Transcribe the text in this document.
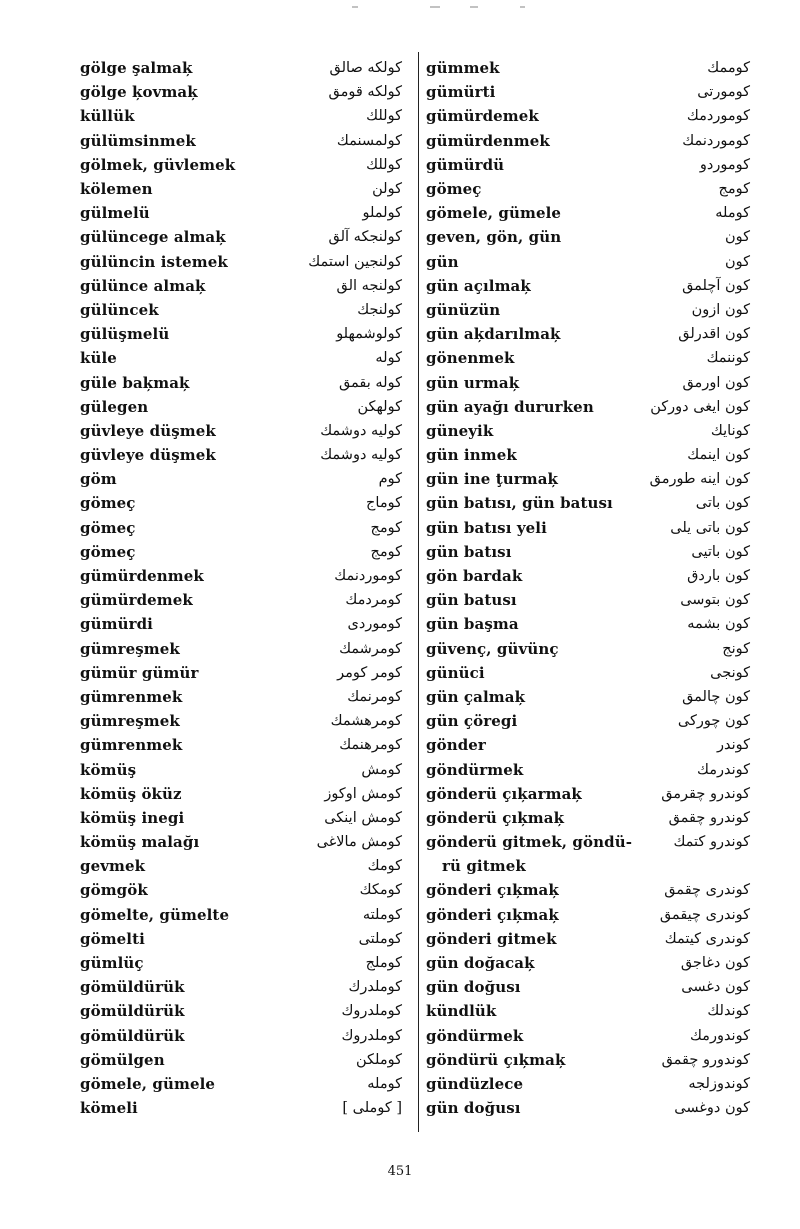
gölge şalmaķ	كولكه صالق
gölge ķovmaķ	كولكه قومق
küllük	كوللك
gülümsinmek	كولمسنمك
gölmek, güvlemek	كوللك
kölemen	كولن
gülmelü	كولملو
gülüncege almaķ	كولنجكه آلق
gülüncin istemek	كولنجين استمك
gülünce almaķ	كولنجه الق
gülüncek	كولنجك
gülüşmelü	كولوشمهلو
küle	كوله
güle baķmaķ	كوله بقمق
gülegen	كولهكن
güvleye düşmek	كوليه دوشمك
güvleye düşmek	كوليه دوشمك
göm	كوم
gömeç	كوماج
gömeç	كومج
gömeç	كومج
gümürdenmek	كوموردنمك
gümürdemek	كومردمك
gümürdi	كوموردى
gümreşmek	كومرشمك
gümür gümür	كومر كومر
gümrenmek	كومرنمك
gümreşmek	كومرهشمك
gümrenmek	كومرهنمك
kömüş	كومش
kömüş öküz	كومش اوكوز
kömüş inegi	كومش اينكى
kömüş malağı	كومش مالاغى
gevmek	كومك
gömgök	كومكك
gömelte, gümelte	كوملته
gömelti	كوملتى
gümlüç	كوملج
gömüldürük	كوملدرك
gömüldürük	كوملدروك
gömüldürük	كوملدروك
gömülgen	كوملكن
gömele, gümele	كومله
kömeli	[ كوملى ]
gümmek	كوممك
gümürti	كومورتى
gümürdemek	كوموردمك
gümürdenmek	كوموردنمك
gümürdü	كوموردو
gömeç	كومج
gömele, gümele	كومله
geven, gön, gün	كون
gün	كون
gün açılmaķ	كون آچلمق
günüzün	كون ازون
gün aķdarılmaķ	كون اقدرلق
gönenmek	كوننمك
gün urmaķ	كون اورمق
gün ayağı dururken	كون ايغى دوركن
güneyik	كونايك
gün inmek	كون اينمك
gün ine ţurmaķ	كون اينه طورمق
gün batısı, gün batusı	كون باتى
gün batısı yeli	كون باتى يلى
gün batısı	كون باتيى
gön bardak	كون باردق
gün batusı	كون بتوسى
gün başma	كون بشمه
güvenç, güvünç	كونج
günüci	كونجى
gün çalmaķ	كون چالمق
gün çöregi	كون چوركى
gönder	كوندر
göndürmek	كوندرمك
gönderü çıķarmaķ	كوندرو چقرمق
gönderü çıķmaķ	كوندرو چقمق
gönderü gitmek, göndü-	كوندرو كتمك
rü gitmek
gönderi çıķmaķ	كوندرى چقمق
gönderi çıķmaķ	كوندرى چيقمق
gönderi gitmek	كوندرى كيتمك
gün doğacaķ	كون دغاجق
gün doğusı	كون دغسى
kündlük	كوندلك
göndürmek	كوندورمك
göndürü çıķmaķ	كوندورو چقمق
gündüzlece	كوندوزلجه
gün doğusı	كون دوغسى
451
